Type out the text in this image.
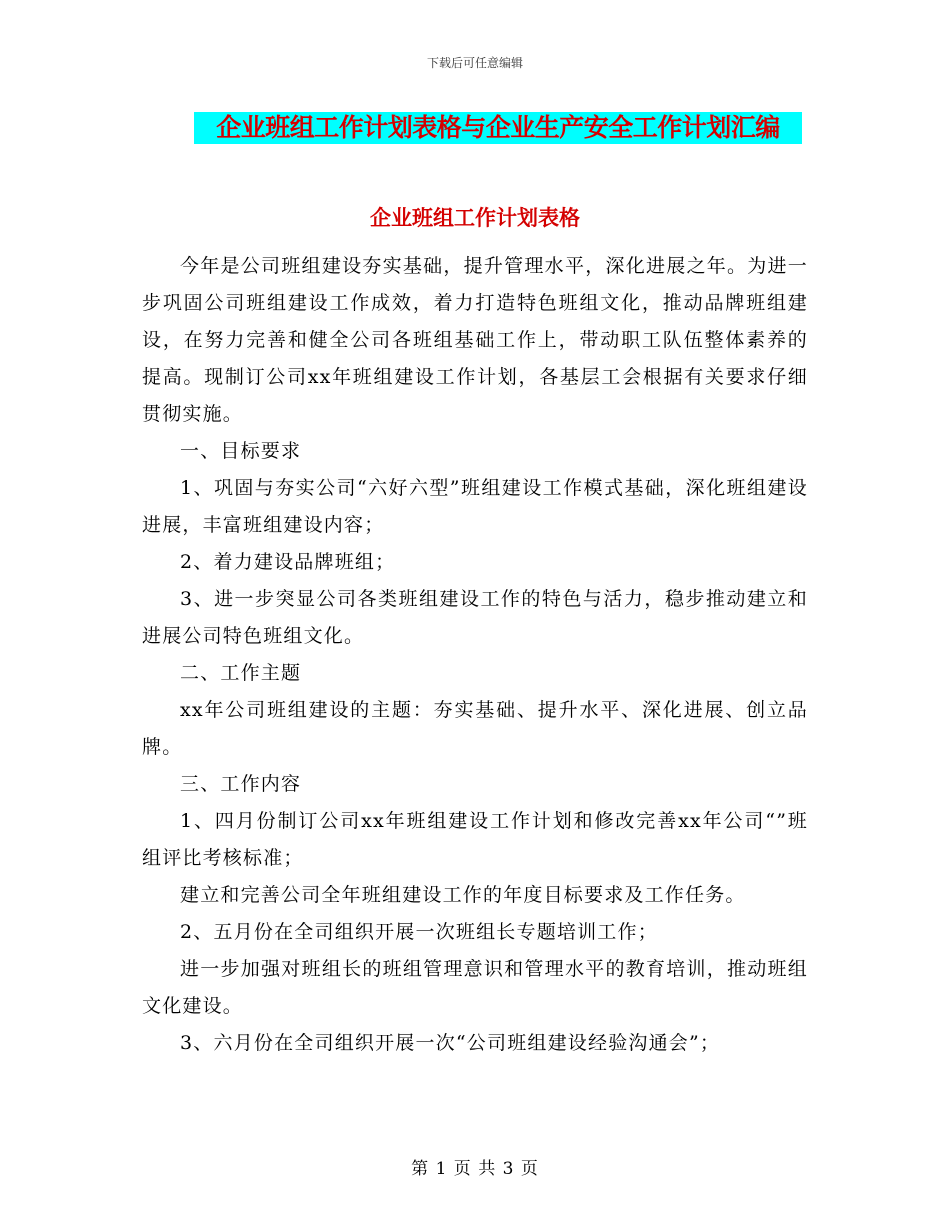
下载后可任意编辑
企业班组工作计划表格与企业生产安全工作计划汇编
企业班组工作计划表格

今年是公司班组建设夯实基础，提升管理水平，深化进展之年。为进一步巩固公司班组建设工作成效，着力打造特色班组文化，推动品牌班组建设，在努力完善和健全公司各班组基础工作上，带动职工队伍整体素养的提高。现制订公司xx年班组建设工作计划，各基层工会根据有关要求仔细贯彻实施。

一、目标要求

1、巩固与夯实公司“六好六型”班组建设工作模式基础，深化班组建设进展，丰富班组建设内容；

2、着力建设品牌班组；

3、进一步突显公司各类班组建设工作的特色与活力，稳步推动建立和进展公司特色班组文化。

二、工作主题

xx年公司班组建设的主题：夯实基础、提升水平、深化进展、创立品牌。

三、工作内容

1、四月份制订公司xx年班组建设工作计划和修改完善xx年公司“”班组评比考核标准；

建立和完善公司全年班组建设工作的年度目标要求及工作任务。

2、五月份在全司组织开展一次班组长专题培训工作；

进一步加强对班组长的班组管理意识和管理水平的教育培训，推动班组文化建设。

3、六月份在全司组织开展一次“公司班组建设经验沟通会”；

第 1 页 共 3 页
